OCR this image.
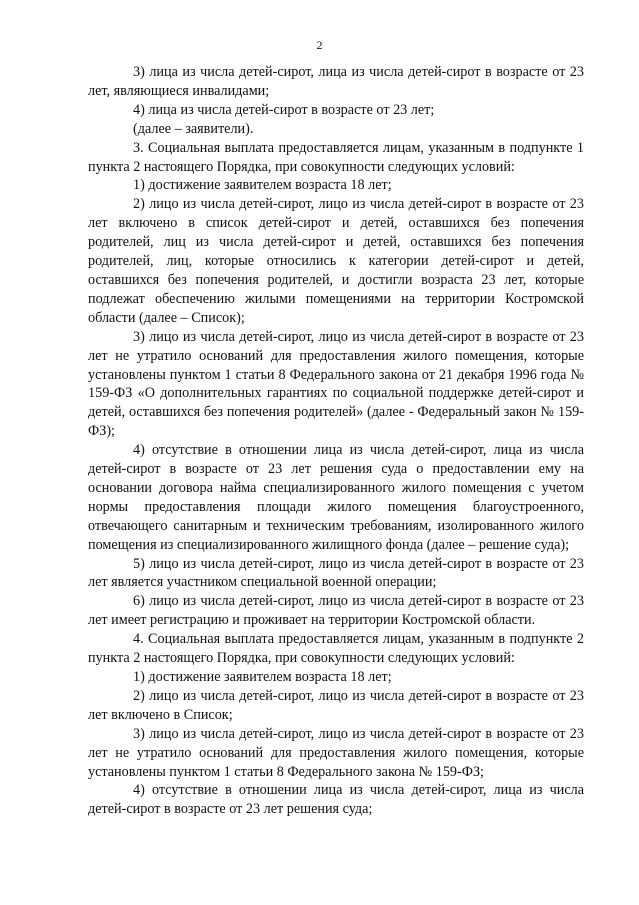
2

3) лица из числа детей-сирот, лица из числа детей-сирот в возрасте от 23 лет, являющиеся инвалидами;

4) лица из числа детей-сирот в возрасте от 23 лет;

(далее – заявители).

3. Социальная выплата предоставляется лицам, указанным в подпункте 1 пункта 2 настоящего Порядка, при совокупности следующих условий:

1) достижение заявителем возраста 18 лет;

2) лицо из числа детей-сирот, лицо из числа детей-сирот в возрасте от 23 лет включено в список детей-сирот и детей, оставшихся без попечения родителей, лиц из числа детей-сирот и детей, оставшихся без попечения родителей, лиц, которые относились к категории детей-сирот и детей, оставшихся без попечения родителей, и достигли возраста 23 лет, которые подлежат обеспечению жилыми помещениями на территории Костромской области (далее – Список);

3) лицо из числа детей-сирот, лицо из числа детей-сирот в возрасте от 23 лет не утратило оснований для предоставления жилого помещения, которые установлены пунктом 1 статьи 8 Федерального закона от 21 декабря 1996 года № 159-ФЗ «О дополнительных гарантиях по социальной поддержке детей-сирот и детей, оставшихся без попечения родителей» (далее - Федеральный закон № 159-ФЗ);

4) отсутствие в отношении лица из числа детей-сирот, лица из числа детей-сирот в возрасте от 23 лет решения суда о предоставлении ему на основании договора найма специализированного жилого помещения с учетом нормы предоставления площади жилого помещения благоустроенного, отвечающего санитарным и техническим требованиям, изолированного жилого помещения из специализированного жилищного фонда (далее – решение суда);

5) лицо из числа детей-сирот, лицо из числа детей-сирот в возрасте от 23 лет является участником специальной военной операции;

6) лицо из числа детей-сирот, лицо из числа детей-сирот в возрасте от 23 лет имеет регистрацию и проживает на территории Костромской области.

4. Социальная выплата предоставляется лицам, указанным в подпункте 2 пункта 2 настоящего Порядка, при совокупности следующих условий:

1) достижение заявителем возраста 18 лет;

2) лицо из числа детей-сирот, лицо из числа детей-сирот в возрасте от 23 лет включено в Список;

3) лицо из числа детей-сирот, лицо из числа детей-сирот в возрасте от 23 лет не утратило оснований для предоставления жилого помещения, которые установлены пунктом 1 статьи 8 Федерального закона № 159-ФЗ;

4) отсутствие в отношении лица из числа детей-сирот, лица из числа детей-сирот в возрасте от 23 лет решения суда;
